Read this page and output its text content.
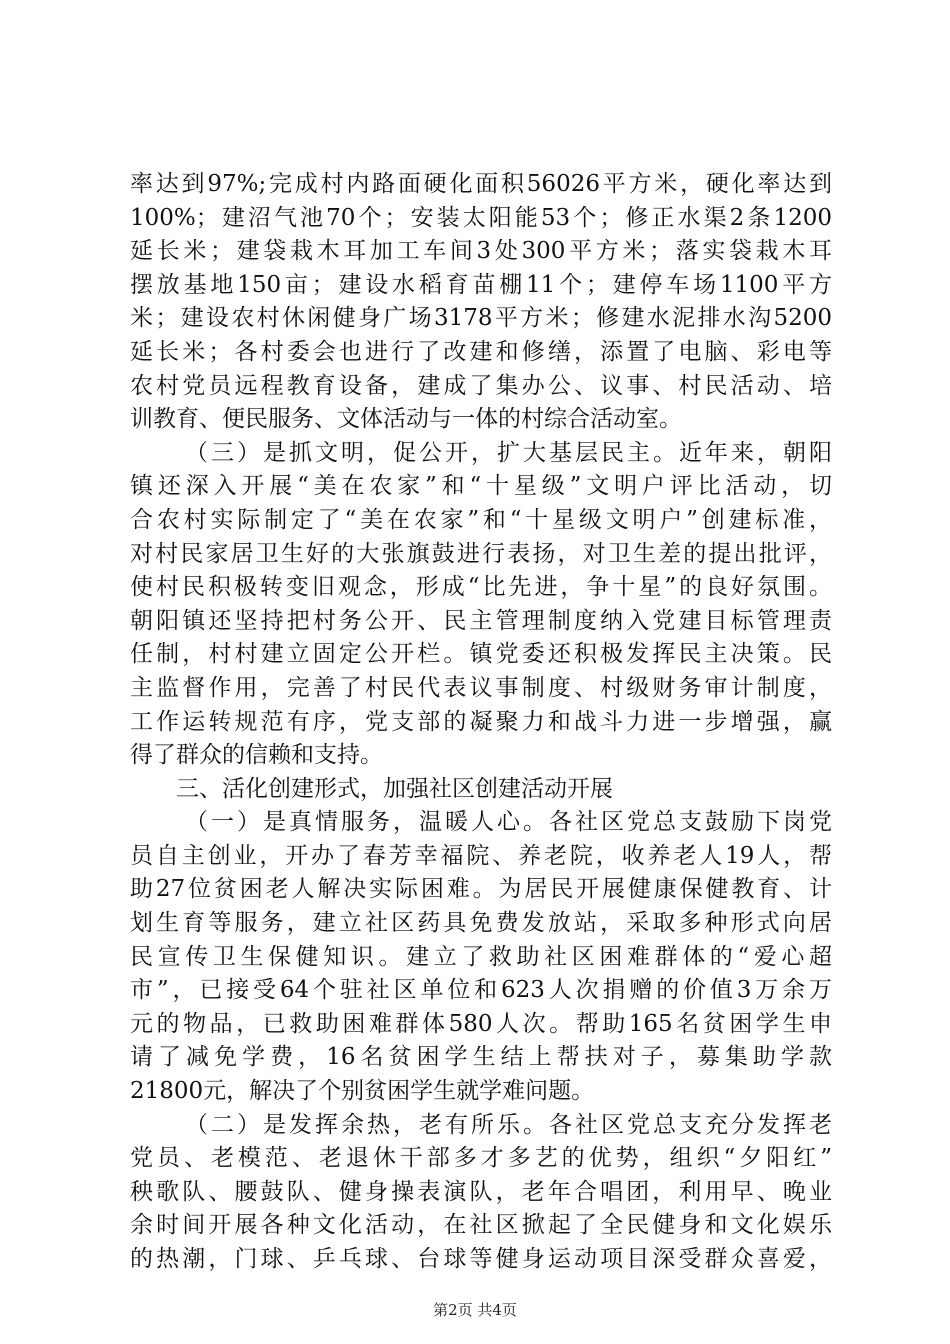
率达到97%;完成村内路面硬化面积56026平方米，硬化率达到
100%；建沼气池70个；安装太阳能53个；修正水渠2条1200
延长米；建袋栽木耳加工车间3处300平方米；落实袋栽木耳
摆放基地150亩；建设水稻育苗棚11个；建停车场1100平方
米；建设农村休闲健身广场3178平方米；修建水泥排水沟5200
延长米；各村委会也进行了改建和修缮，添置了电脑、彩电等
农村党员远程教育设备，建成了集办公、议事、村民活动、培
训教育、便民服务、文体活动与一体的村综合活动室。
（三）是抓文明，促公开，扩大基层民主。近年来，朝阳
镇还深入开展“美在农家”和“十星级”文明户评比活动，切
合农村实际制定了“美在农家”和“十星级文明户”创建标准，
对村民家居卫生好的大张旗鼓进行表扬，对卫生差的提出批评，
使村民积极转变旧观念，形成“比先进，争十星”的良好氛围。
朝阳镇还坚持把村务公开、民主管理制度纳入党建目标管理责
任制，村村建立固定公开栏。镇党委还积极发挥民主决策。民
主监督作用，完善了村民代表议事制度、村级财务审计制度，
工作运转规范有序，党支部的凝聚力和战斗力进一步增强，赢
得了群众的信赖和支持。
三、活化创建形式，加强社区创建活动开展
（一）是真情服务，温暖人心。各社区党总支鼓励下岗党
员自主创业，开办了春芳幸福院、养老院，收养老人19人，帮
助27位贫困老人解决实际困难。为居民开展健康保健教育、计
划生育等服务，建立社区药具免费发放站，采取多种形式向居
民宣传卫生保健知识。建立了救助社区困难群体的“爱心超
市”，已接受64个驻社区单位和623人次捐赠的价值3万余万
元的物品，已救助困难群体580人次。帮助165名贫困学生申
请了减免学费，16名贫困学生结上帮扶对子，募集助学款
21800元，解决了个别贫困学生就学难问题。
（二）是发挥余热，老有所乐。各社区党总支充分发挥老
党员、老模范、老退休干部多才多艺的优势，组织“夕阳红”
秧歌队、腰鼓队、健身操表演队，老年合唱团，利用早、晚业
余时间开展各种文化活动，在社区掀起了全民健身和文化娱乐
的热潮，门球、乒乓球、台球等健身运动项目深受群众喜爱，
第2页 共4页
